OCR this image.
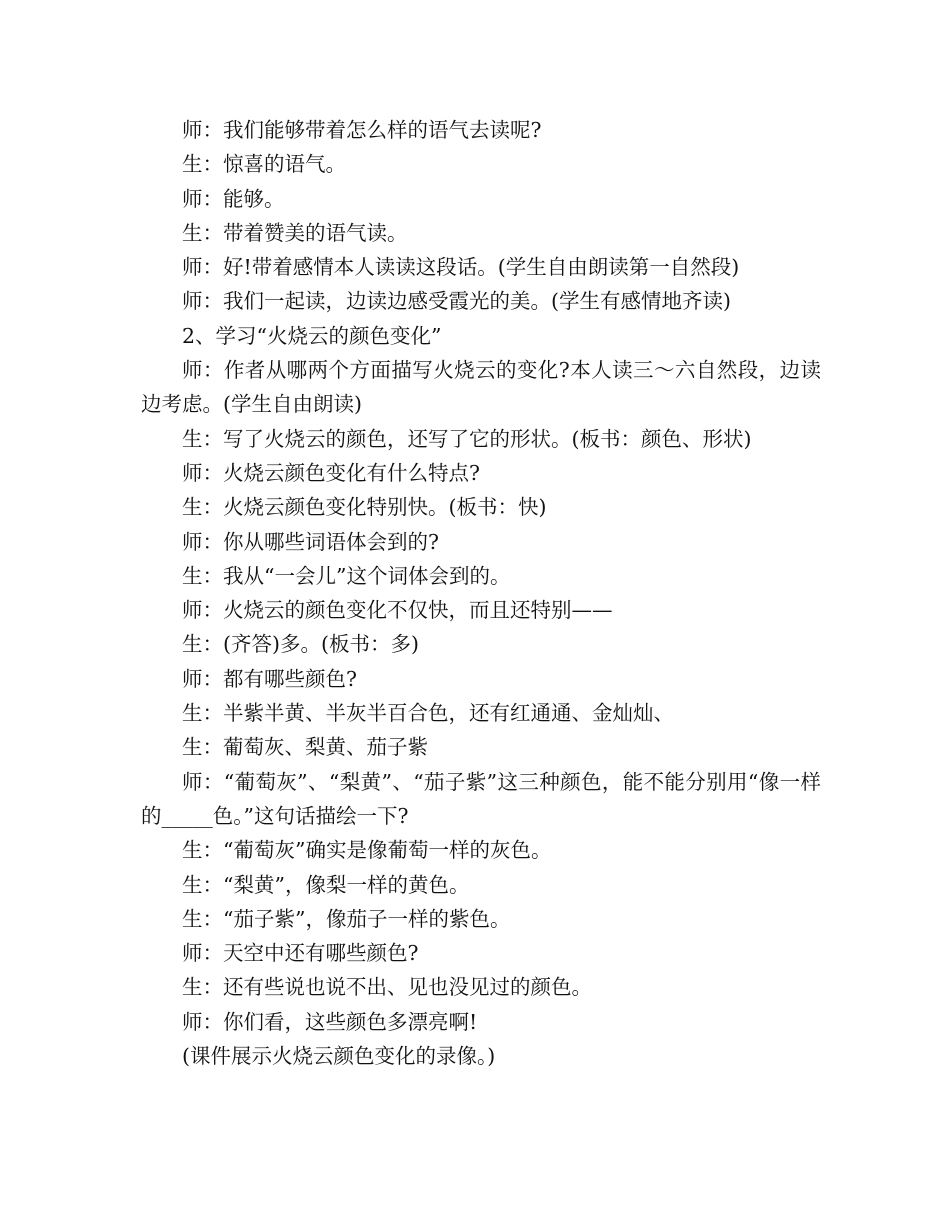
师：我们能够带着怎么样的语气去读呢?

生：惊喜的语气。

师：能够。

生：带着赞美的语气读。

师：好!带着感情本人读读这段话。(学生自由朗读第一自然段)

师：我们一起读，边读边感受霞光的美。(学生有感情地齐读)

2、学习“火烧云的颜色变化”

师：作者从哪两个方面描写火烧云的变化?本人读三～六自然段，边读边考虑。(学生自由朗读)

生：写了火烧云的颜色，还写了它的形状。(板书：颜色、形状)

师：火烧云颜色变化有什么特点?

生：火烧云颜色变化特别快。(板书：快)

师：你从哪些词语体会到的?

生：我从“一会儿”这个词体会到的。

师：火烧云的颜色变化不仅快，而且还特别——

生：(齐答)多。(板书：多)

师：都有哪些颜色?

生：半紫半黄、半灰半百合色，还有红通通、金灿灿、

生：葡萄灰、梨黄、茄子紫

师：“葡萄灰”、“梨黄”、“茄子紫”这三种颜色，能不能分别用“像一样的_____色。”这句话描绘一下?

生：“葡萄灰”确实是像葡萄一样的灰色。

生：“梨黄”，像梨一样的黄色。

生：“茄子紫”，像茄子一样的紫色。

师：天空中还有哪些颜色?

生：还有些说也说不出、见也没见过的颜色。

师：你们看，这些颜色多漂亮啊!

(课件展示火烧云颜色变化的录像。)
